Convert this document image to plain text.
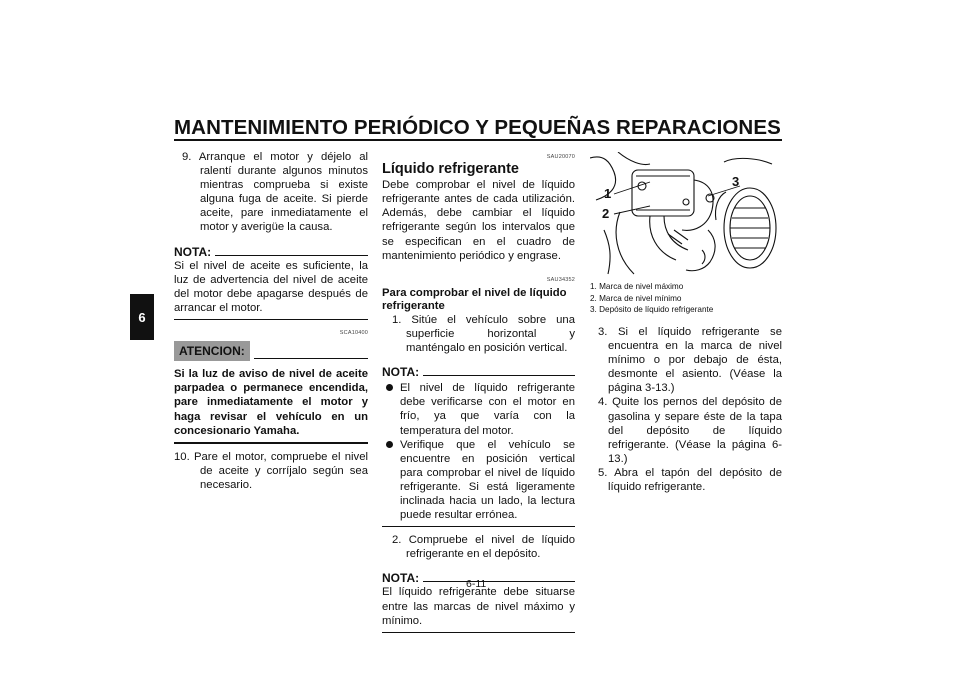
MANTENIMIENTO PERIÓDICO Y PEQUEÑAS REPARACIONES
6
9. Arranque el motor y déjelo al ralentí durante algunos minutos mientras comprueba si existe alguna fuga de aceite. Si pierde aceite, pare inmediatamente el motor y averigüe la causa.
NOTA:
Si el nivel de aceite es suficiente, la luz de advertencia del nivel de aceite del motor debe apagarse después de arrancar el motor.
SCA10400
ATENCION:
Si la luz de aviso de nivel de aceite parpadea o permanece encendida, pare inmediatamente el motor y haga revisar el vehículo en un concesionario Yamaha.
10. Pare el motor, compruebe el nivel de aceite y corríjalo según sea necesario.
SAU20070
Líquido refrigerante
Debe comprobar el nivel de líquido refrigerante antes de cada utilización. Además, debe cambiar el líquido refrigerante según los intervalos que se especifican en el cuadro de mantenimiento periódico y engrase.
SAU34352
Para comprobar el nivel de líquido refrigerante
1. Sitúe el vehículo sobre una superficie horizontal y manténgalo en posición vertical.
NOTA:
El nivel de líquido refrigerante debe verificarse con el motor en frío, ya que varía con la temperatura del motor.
Verifique que el vehículo se encuentre en posición vertical para comprobar el nivel de líquido refrigerante. Si está ligeramente inclinada hacia un lado, la lectura puede resultar errónea.
2. Compruebe el nivel de líquido refrigerante en el depósito.
NOTA:
El líquido refrigerante debe situarse entre las marcas de nivel máximo y mínimo.
1
2
3
1. Marca de nivel máximo
2. Marca de nivel mínimo
3. Depósito de líquido refrigerante
3. Si el líquido refrigerante se encuentra en la marca de nivel mínimo o por debajo de ésta, desmonte el asiento. (Véase la página 3-13.)
4. Quite los pernos del depósito de gasolina y separe éste de la tapa del depósito de líquido refrigerante. (Véase la página 6-13.)
5. Abra el tapón del depósito de líquido refrigerante.
6-11
